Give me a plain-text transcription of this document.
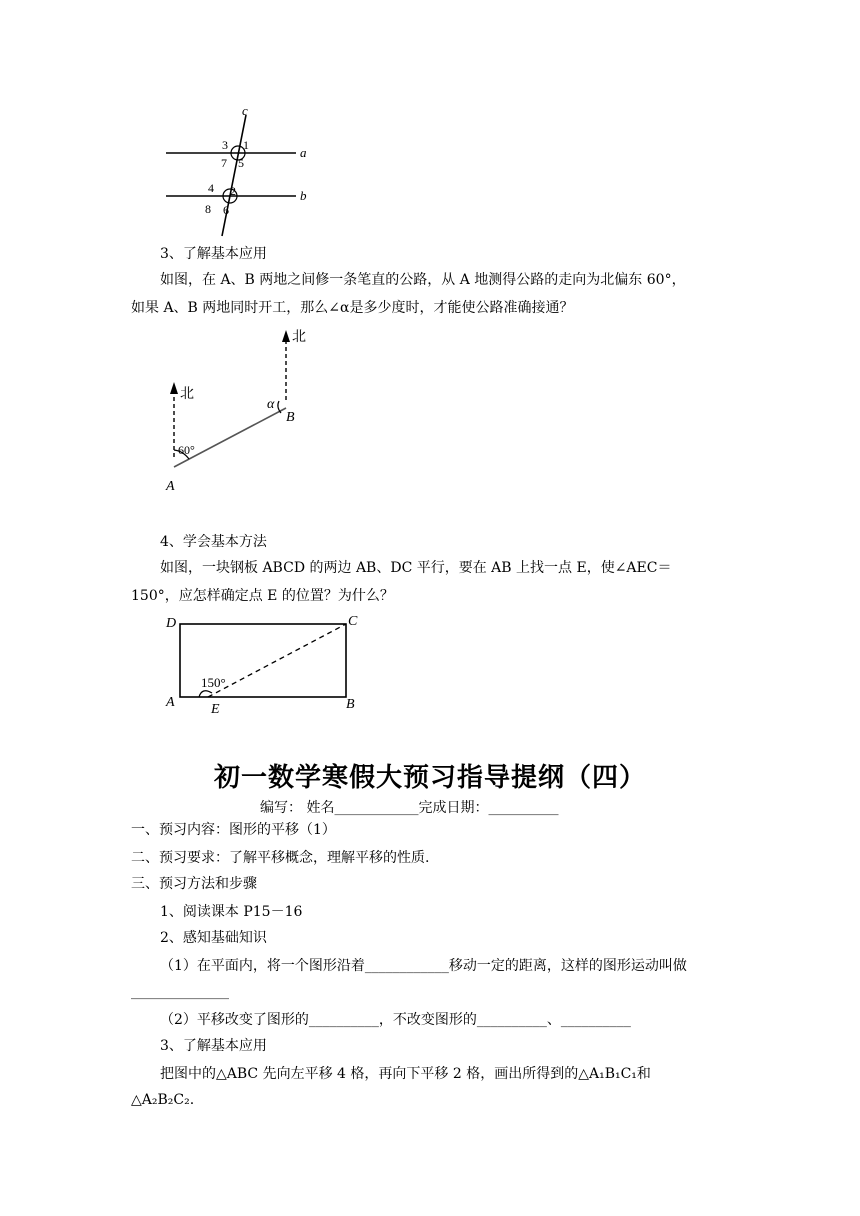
c
a
b
3 1
7 5
4 2
8 6
3、了解基本应用
如图，在 A、B 两地之间修一条笔直的公路，从 A 地测得公路的走向为北偏东 60°，
如果 A、B 两地同时开工，那么∠α是多少度时，才能使公路准确接通？
北
北
60°
α
A
B
4、学会基本方法
如图，一块钢板 ABCD 的两边 AB、DC 平行，要在 AB 上找一点 E，使∠AEC＝
150°，应怎样确定点 E 的位置？为什么？
D	C
A	B
E
150°
初一数学寒假大预习指导提纲（四）
编写： 姓名____________完成日期：__________
一、预习内容：图形的平移（1）
二、预习要求：了解平移概念，理解平移的性质.
三、预习方法和步骤
1、阅读课本 P15－16
2、感知基础知识
（1）在平面内，将一个图形沿着____________移动一定的距离，这样的图形运动叫做
______________
（2）平移改变了图形的__________，不改变图形的__________、__________
3、了解基本应用
把图中的△ABC 先向左平移 4 格，再向下平移 2 格，画出所得到的△A₁B₁C₁和
△A₂B₂C₂.
